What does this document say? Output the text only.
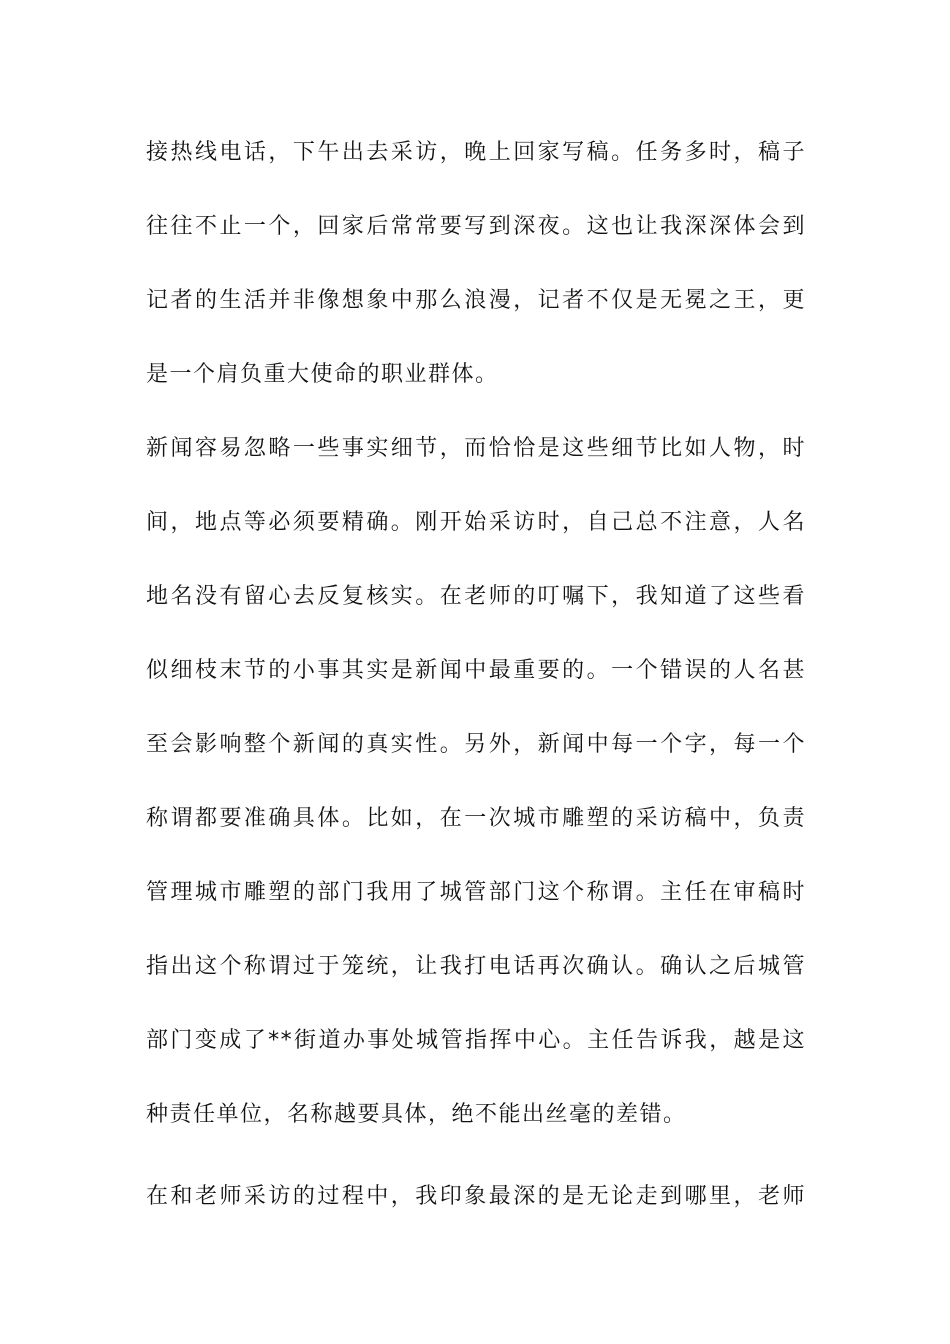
接热线电话，下午出去采访，晚上回家写稿。任务多时，稿子
往往不止一个，回家后常常要写到深夜。这也让我深深体会到
记者的生活并非像想象中那么浪漫，记者不仅是无冕之王，更
是一个肩负重大使命的职业群体。
新闻容易忽略一些事实细节，而恰恰是这些细节比如人物，时
间，地点等必须要精确。刚开始采访时，自己总不注意，人名
地名没有留心去反复核实。在老师的叮嘱下，我知道了这些看
似细枝末节的小事其实是新闻中最重要的。一个错误的人名甚
至会影响整个新闻的真实性。另外，新闻中每一个字，每一个
称谓都要准确具体。比如，在一次城市雕塑的采访稿中，负责
管理城市雕塑的部门我用了城管部门这个称谓。主任在审稿时
指出这个称谓过于笼统，让我打电话再次确认。确认之后城管
部门变成了**街道办事处城管指挥中心。主任告诉我，越是这
种责任单位，名称越要具体，绝不能出丝毫的差错。
在和老师采访的过程中，我印象最深的是无论走到哪里，老师
